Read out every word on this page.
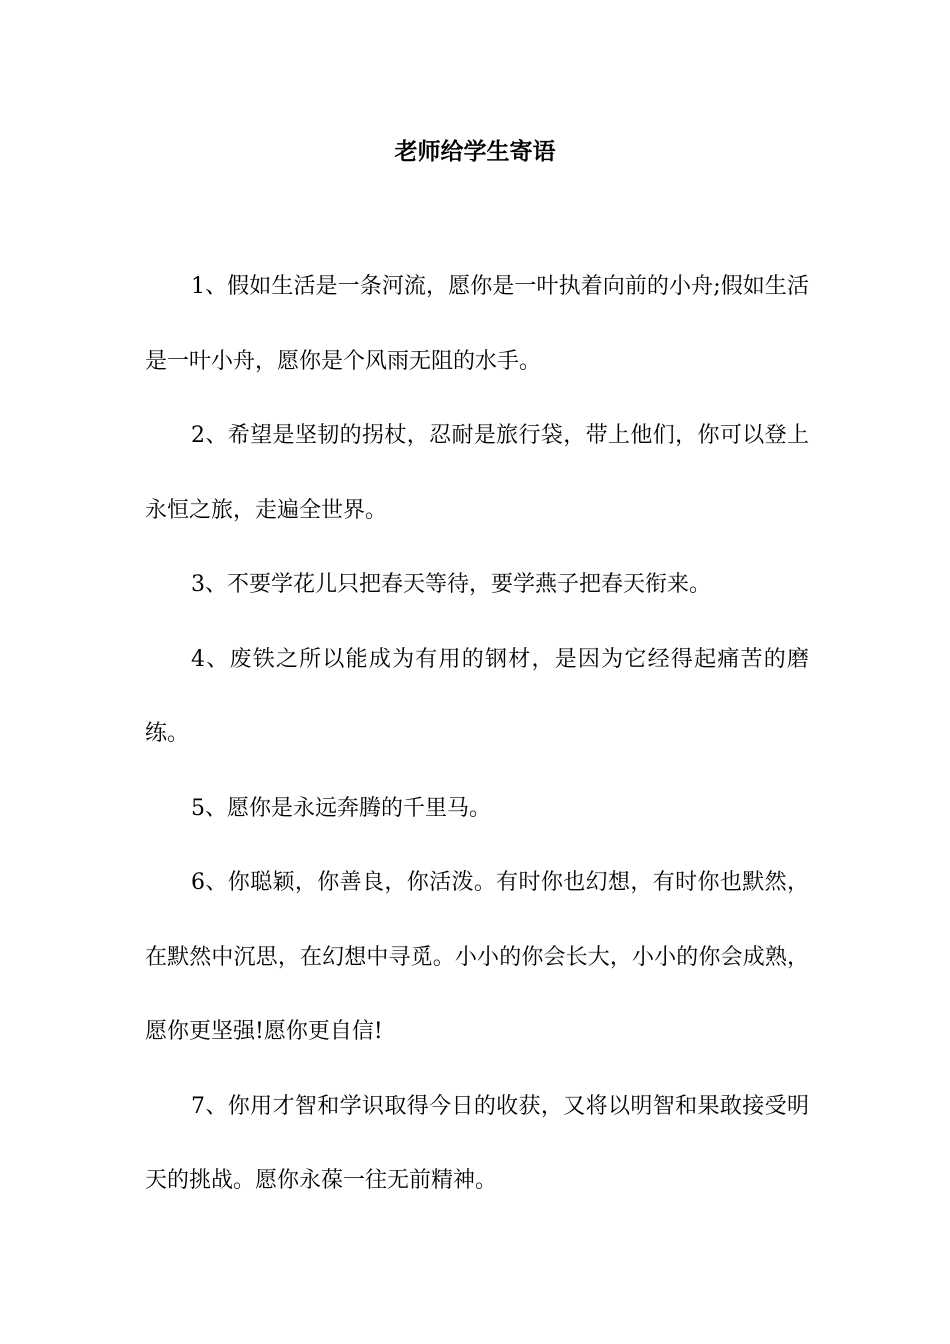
老师给学生寄语

1、假如生活是一条河流，愿你是一叶执着向前的小舟;假如生活是一叶小舟，愿你是个风雨无阻的水手。

2、希望是坚韧的拐杖，忍耐是旅行袋，带上他们，你可以登上永恒之旅，走遍全世界。

3、不要学花儿只把春天等待，要学燕子把春天衔来。

4、废铁之所以能成为有用的钢材，是因为它经得起痛苦的磨练。

5、愿你是永远奔腾的千里马。

6、你聪颖，你善良，你活泼。有时你也幻想，有时你也默然，在默然中沉思，在幻想中寻觅。小小的你会长大，小小的你会成熟，愿你更坚强!愿你更自信!

7、你用才智和学识取得今日的收获，又将以明智和果敢接受明天的挑战。愿你永葆一往无前精神。
